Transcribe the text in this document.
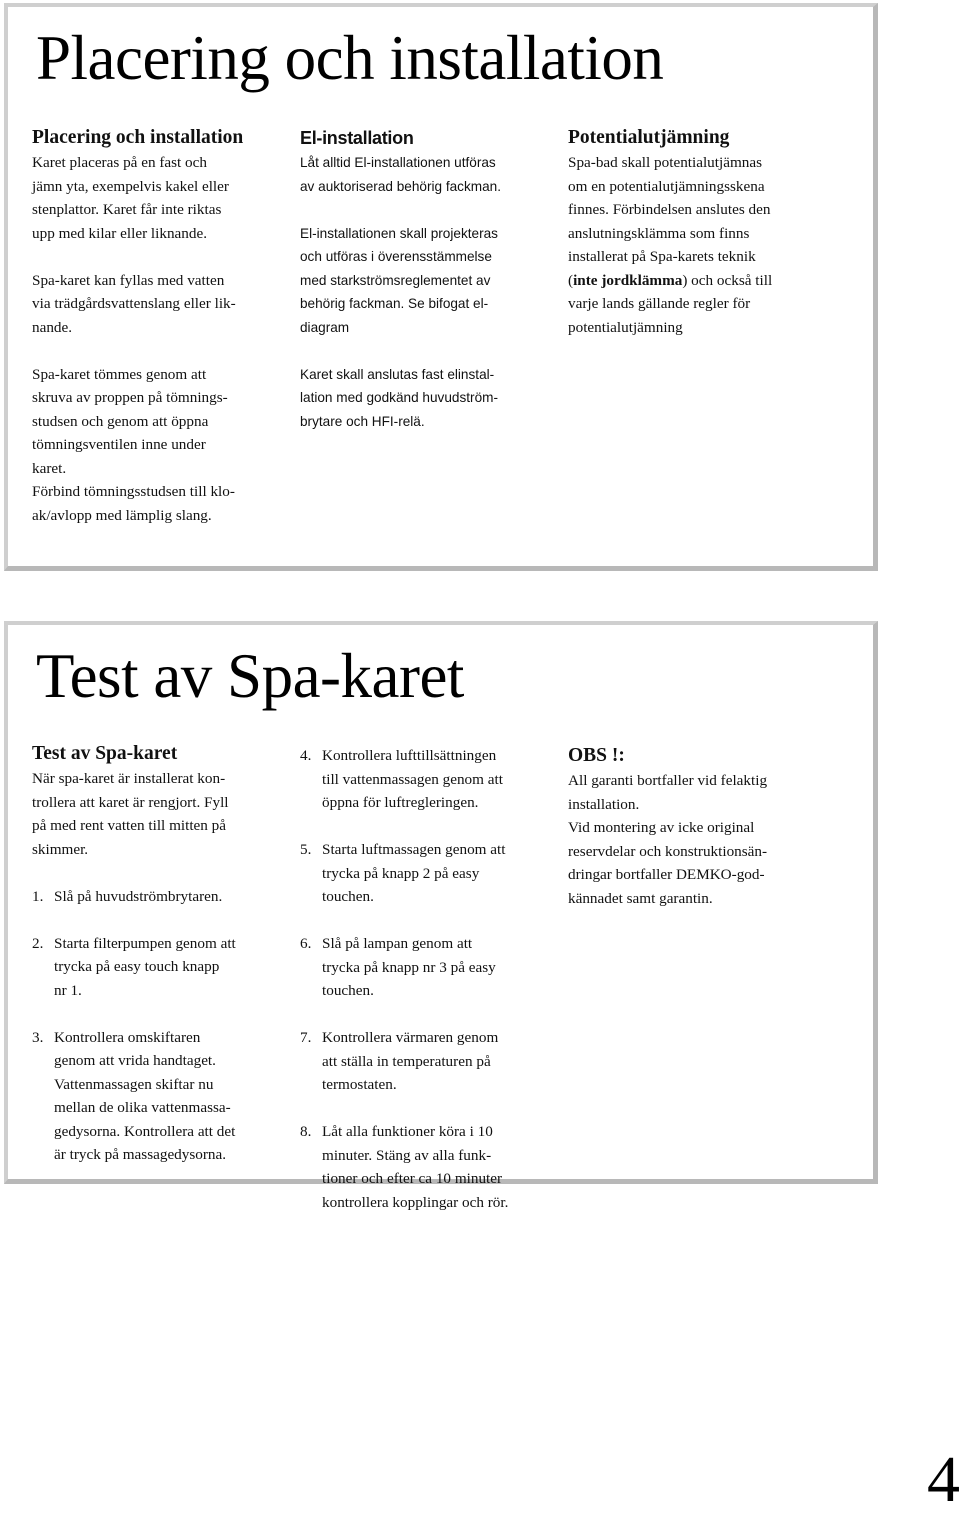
Placering och installation
Placering och installation

Karet placeras på en fast och
jämn yta, exempelvis kakel eller
stenplattor. Karet får inte riktas
upp med kilar eller liknande.

Spa-karet kan fyllas med vatten
via trädgårdsvattenslang eller lik-
nande.

Spa-karet tömmes genom att
skruva av proppen på tömnings-
studsen och genom att öppna
tömningsventilen inne under
karet.

Förbind tömningsstudsen till klo-
ak/avlopp med lämplig slang.

El-installation

Låt alltid El-installationen utföras
av auktoriserad behörig fackman.

El-installationen skall projekteras
och utföras i överensstämmelse
med starkströmsreglementet av
behörig fackman. Se bifogat el-
diagram

Karet skall anslutas fast elinstal-
lation med godkänd huvudström-
brytare och HFI-relä.

Potentialutjämning

Spa-bad skall potentialutjämnas
om en potentialutjämningsskena
finnes. Förbindelsen anslutes den
anslutningsklämma som finns
installerat på Spa-karets teknik
(inte jordklämma) och också till
varje lands gällande regler för
potentialutjämning

Test av Spa-karet
Test av Spa-karet

När spa-karet är installerat kon-
trollera att karet är rengjort. Fyll
på med rent vatten till mitten på
skimmer.

1. Slå på huvudströmbrytaren.
2. Starta filterpumpen genom att
trycka på easy touch knapp
nr 1.
3. Kontrollera omskiftaren
genom att vrida handtaget.
Vattenmassagen skiftar nu
mellan de olika vattenmassa-
gedysorna. Kontrollera att det
är tryck på massagedysorna.
4. Kontrollera lufttillsättningen
till vattenmassagen genom att
öppna för luftregleringen.
5. Starta luftmassagen genom att
trycka på knapp 2 på easy
touchen.
6. Slå på lampan genom att
trycka på knapp nr 3 på easy
touchen.
7. Kontrollera värmaren genom
att ställa in temperaturen på
termostaten.
8. Låt alla funktioner köra i 10
minuter. Stäng av alla funk-
tioner och efter ca 10 minuter
kontrollera kopplingar och rör.
OBS !:

All garanti bortfaller vid felaktig
installation.
Vid montering av icke original
reservdelar och konstruktionsän-
dringar bortfaller DEMKO-god-
kännadet samt garantin.

4
